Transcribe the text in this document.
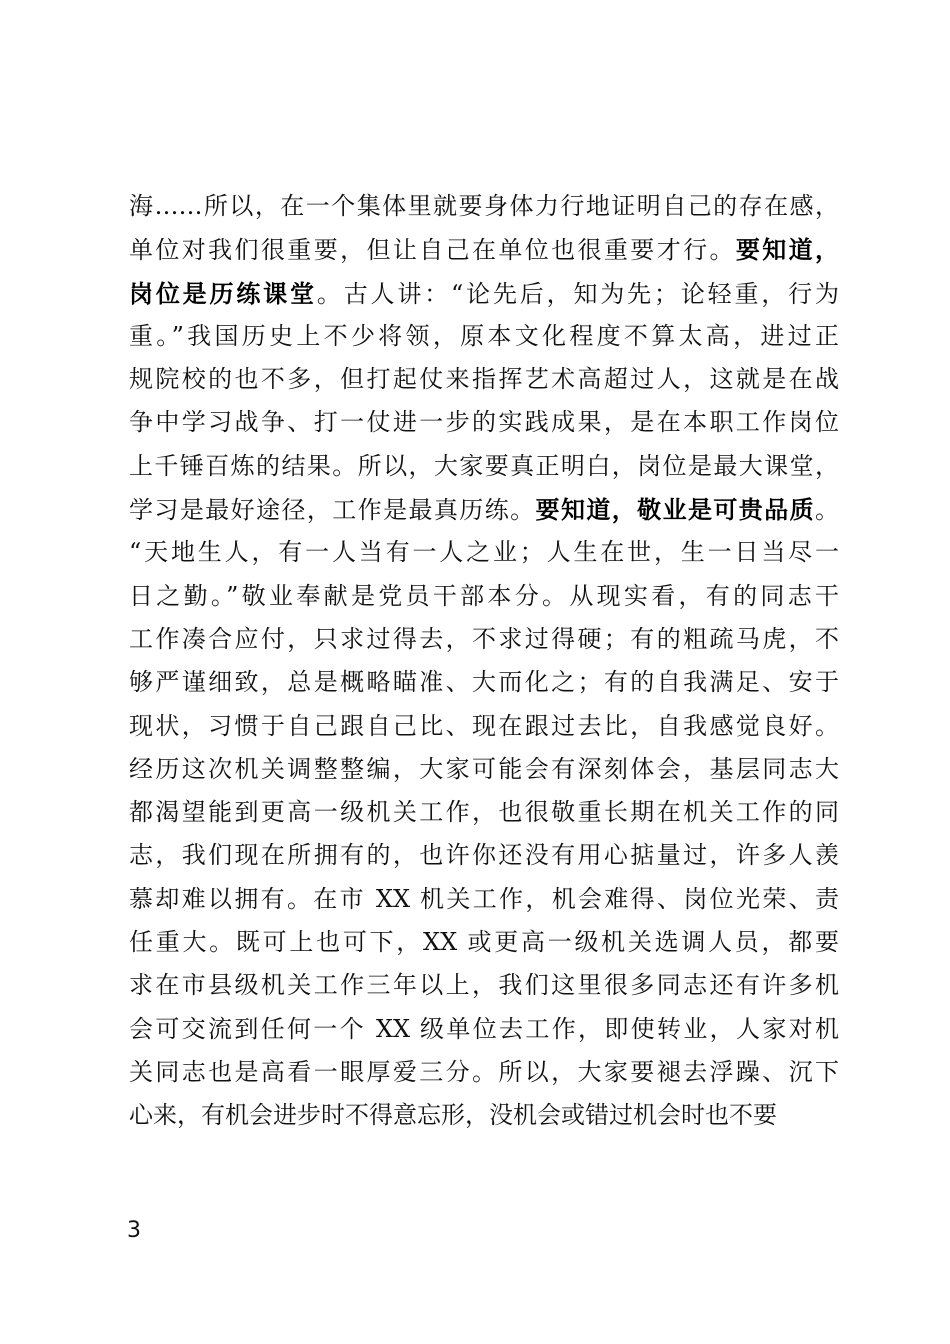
海……所以，在一个集体里就要身体力行地证明自己的存在感，
单位对我们很重要，但让自己在单位也很重要才行。要知道，
岗位是历练课堂。古人讲：“论先后，知为先；论轻重，行为
重。”我国历史上不少将领，原本文化程度不算太高，进过正
规院校的也不多，但打起仗来指挥艺术高超过人，这就是在战
争中学习战争、打一仗进一步的实践成果，是在本职工作岗位
上千锤百炼的结果。所以，大家要真正明白，岗位是最大课堂，
学习是最好途径，工作是最真历练。要知道，敬业是可贵品质。
“天地生人，有一人当有一人之业；人生在世，生一日当尽一
日之勤。”敬业奉献是党员干部本分。从现实看，有的同志干
工作凑合应付，只求过得去，不求过得硬；有的粗疏马虎，不
够严谨细致，总是概略瞄准、大而化之；有的自我满足、安于
现状，习惯于自己跟自己比、现在跟过去比，自我感觉良好。
经历这次机关调整整编，大家可能会有深刻体会，基层同志大
都渴望能到更高一级机关工作，也很敬重长期在机关工作的同
志，我们现在所拥有的，也许你还没有用心掂量过，许多人羡
慕却难以拥有。在市 XX 机关工作，机会难得、岗位光荣、责
任重大。既可上也可下，XX 或更高一级机关选调人员，都要
求在市县级机关工作三年以上，我们这里很多同志还有许多机
会可交流到任何一个 XX 级单位去工作，即使转业，人家对机
关同志也是高看一眼厚爱三分。所以，大家要褪去浮躁、沉下
心来，有机会进步时不得意忘形，没机会或错过机会时也不要
3
